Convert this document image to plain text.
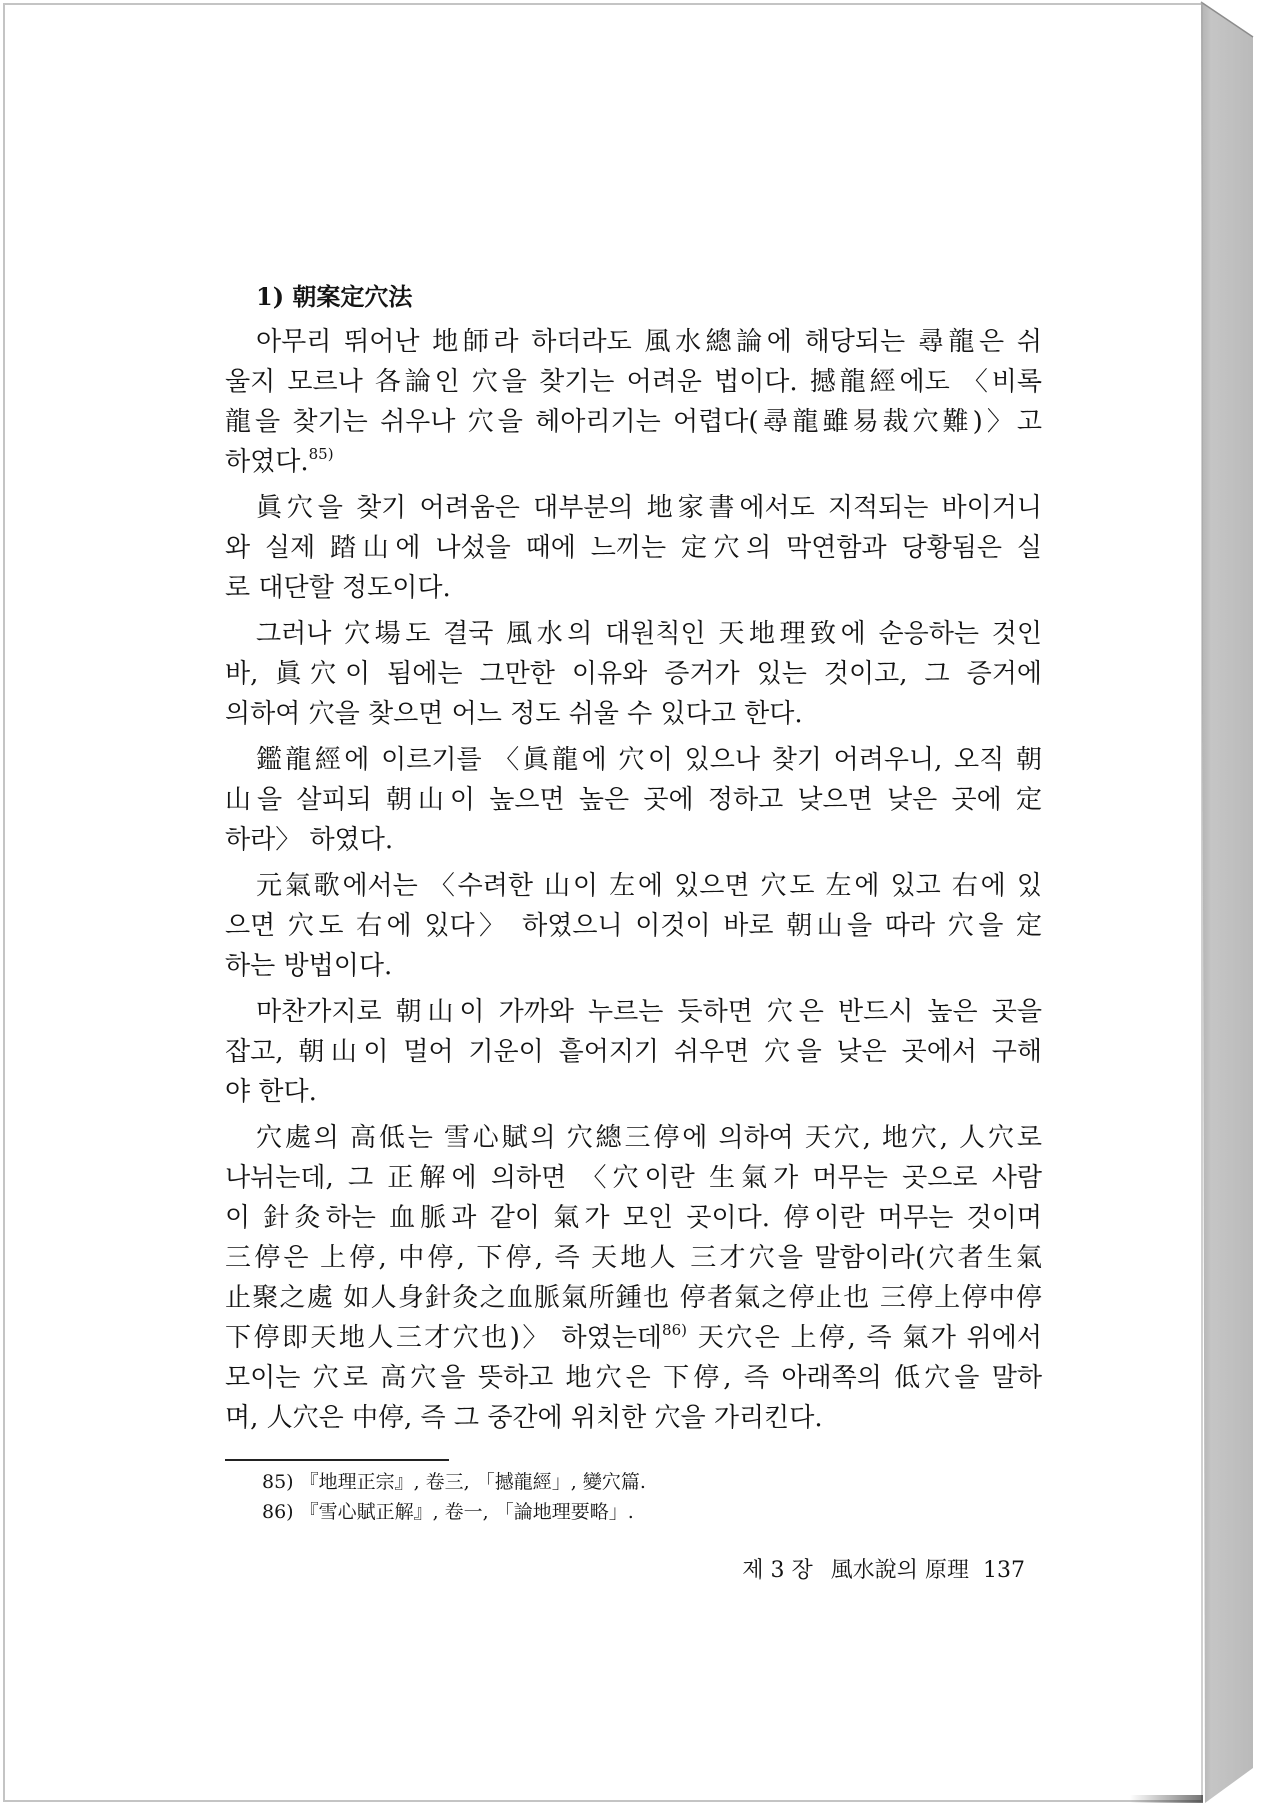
1) 朝案定穴法
아무리 뛰어난 地師라 하더라도 風水總論에 해당되는 尋龍은 쉬
울지 모르나 各論인 穴을 찾기는 어려운 법이다. 撼龍經에도 〈비록
龍을 찾기는 쉬우나 穴을 헤아리기는 어렵다(尋龍雖易裁穴難)〉고
하였다.$^{85)}$
眞穴을 찾기 어려움은 대부분의 地家書에서도 지적되는 바이거니
와 실제 踏山에 나섰을 때에 느끼는 定穴의 막연함과 당황됨은 실
로 대단할 정도이다.
그러나 穴場도 결국 風水의 대원칙인 天地理致에 순응하는 것인
바, 眞穴이 됨에는 그만한 이유와 증거가 있는 것이고, 그 증거에
의하여 穴을 찾으면 어느 정도 쉬울 수 있다고 한다.
鑑龍經에 이르기를 〈眞龍에 穴이 있으나 찾기 어려우니, 오직 朝
山을 살피되 朝山이 높으면 높은 곳에 정하고 낮으면 낮은 곳에 定
하라〉 하였다.
元氣歌에서는 〈수려한 山이 左에 있으면 穴도 左에 있고 右에 있
으면 穴도 右에 있다〉 하였으니 이것이 바로 朝山을 따라 穴을 定
하는 방법이다.
마찬가지로 朝山이 가까와 누르는 듯하면 穴은 반드시 높은 곳을
잡고, 朝山이 멀어 기운이 흩어지기 쉬우면 穴을 낮은 곳에서 구해
야 한다.
穴處의 高低는 雪心賦의 穴總三停에 의하여 天穴, 地穴, 人穴로
나뉘는데, 그 正解에 의하면 〈穴이란 生氣가 머무는 곳으로 사람
이 針灸하는 血脈과 같이 氣가 모인 곳이다. 停이란 머무는 것이며
三停은 上停, 中停, 下停, 즉 天地人 三才穴을 말함이라(穴者生氣
止聚之處 如人身針灸之血脈氣所鍾也 停者氣之停止也 三停上停中停
下停即天地人三才穴也)〉 하였는데$^{86)}$ 天穴은 上停, 즉 氣가 위에서
모이는 穴로 高穴을 뜻하고 地穴은 下停, 즉 아래쪽의 低穴을 말하
며, 人穴은 中停, 즉 그 중간에 위치한 穴을 가리킨다.
85) 『地理正宗』, 卷三, 「撼龍經」, 變穴篇.
86) 『雪心賦正解』, 卷一, 「論地理要略」.
제 3 장 風水說의 原理 137
